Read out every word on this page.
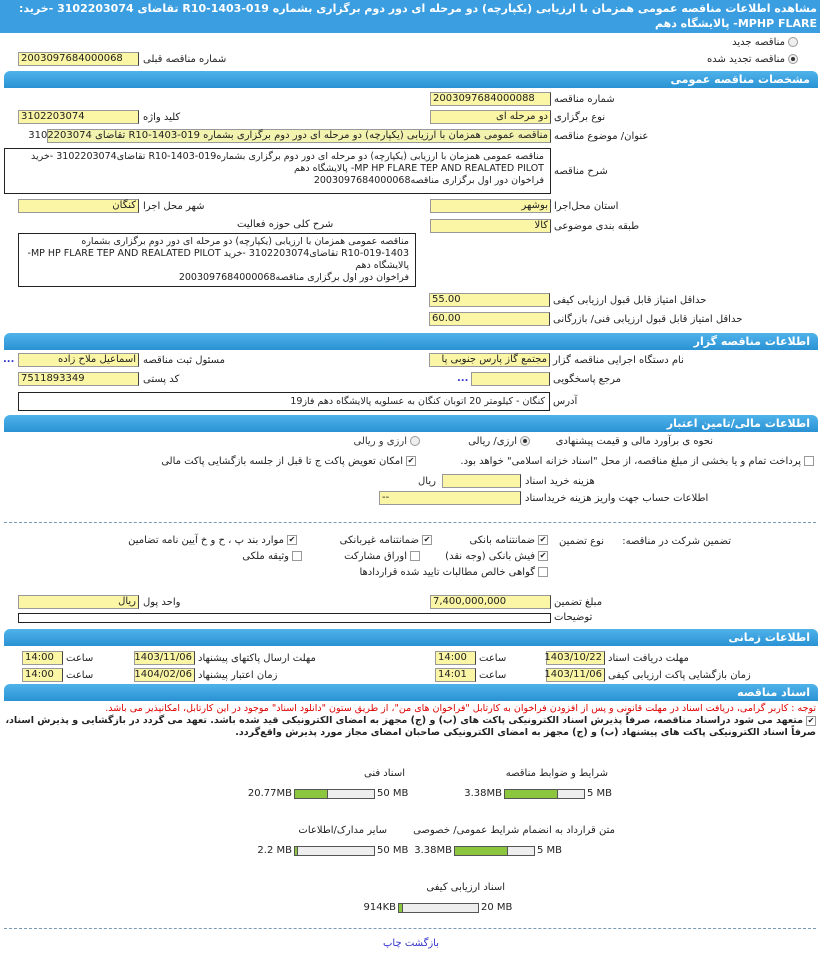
مشاهده اطلاعات مناقصه عمومی همزمان با ارزیابی (یکپارچه) دو مرحله ای دور دوم برگزاری بشماره 019-1403-R10 تقاضای 3102203074 -خرید: MPHP FLARE- پالایشگاه دهم
مناقصه جدید
مناقصه تجدید شده
2003097684000068	شماره مناقصه قبلی
مشخصات مناقصه عمومی
2003097684000088	شماره مناقصه
دو مرحله ای نوع برگزاری
3102203074	کلید واژه
مناقصه عمومی همزمان با ارزیابی (یکپارچه) دو مرحله ای دور دوم برگزاری بشماره 019-1403-R10 تقاضای 3102203074 عنوان/ موضوع مناقصه
مناقصه عمومی همزمان با ارزیابی (یکپارچه) دو مرحله ای دور دوم برگزاری بشماره019-1403-R10 تقاضای3102203074 -خرید
MP HP FLARE TEP AND REALATED PILOT- پالایشگاه دهم
فراخوان دور اول برگزاری مناقصه2003097684000068
شرح مناقصه
بوشهر استان محل‌اجرا
کنگان شهر محل اجرا
کالا طبقه بندی موضوعی
شرح کلی حوزه فعالیت
مناقصه عمومی همزمان با ارزیابی (یکپارچه) دو مرحله ای دور دوم برگزاری بشماره
019-1403-R10 تقاضای3102203074 -خرید MP HP FLARE TEP AND REALATED PILOT-
پالایشگاه دهم
فراخوان دور اول برگزاری مناقصه2003097684000068
55.00	حداقل امتیاز قابل قبول ارزیابی کیفی
60.00	حداقل امتیاز قابل قبول ارزیابی فنی/ بازرگانی
اطلاعات مناقصه گزار
مجتمع گاز پارس جنوبی پا نام دستگاه اجرایی مناقصه گزار
اسماعیل ملاح زاده
...	مسئول ثبت مناقصه
...	مرجع پاسخگویی
7511893349	کد پستی
کنگان - کیلومتر 20 اتوبان کنگان به عسلویه پالایشگاه دهم فاز19 آدرس
اطلاعات مالی/تامین اعتبار
نحوه ی برآورد مالی و قیمت پیشنهادی
ارزی/ ریالی
ارزی و ریالی
پرداخت تمام و یا بخشی از مبلغ مناقصه، از محل "اسناد خزانه اسلامی" خواهد بود.
✔امکان تعویض پاکت ج تا قبل از جلسه بازگشایی پاکت مالی
ریال	هزینه خرید اسناد
--	اطلاعات حساب جهت واریز هزینه خریداسناد
تضمین شرکت در مناقصه:
نوع تضمین
✔ضمانتنامه بانکی
✔ضمانتنامه غیربانکی
✔موارد بند پ ، ح و خ آیین نامه تضامین
✔فیش بانکی (وجه نقد)
اوراق مشارکت
وثیقه ملکی
گواهی خالص مطالبات تایید شده قراردادها
7,400,000,000	مبلغ تضمین
ریال واحد پول
توضیحات
اطلاعات زمانی
1403/10/22 مهلت دریافت اسناد
14:00	ساعت
1403/11/06 مهلت ارسال پاکتهای پیشنهاد
14:00	ساعت
1403/11/06 زمان بازگشایی پاکت ارزیابی کیفی
14:01	ساعت
1404/02/06 زمان اعتبار پیشنهاد
14:00	ساعت
اسناد مناقصه
توجه : کاربر گرامی، دریافت اسناد در مهلت قانونی و پس از افزودن فراخوان به کارتابل "فراخوان های من"، از طریق ستون "دانلود اسناد" موجود در این کارتابل، امکانپذیر می باشد.
✔متعهد می شود دراسناد مناقصه، صرفاً پذیرش اسناد الکترونیکی پاکت های (ب) و (ج) مجهز به امضای الکترونیکی قید شده باشد. تعهد می گردد در بازگشایی و پذیرش اسناد،
صرفاً اسناد الکترونیکی پاکت های پیشنهاد (ب) و (ج) مجهز به امضای الکترونیکی صاحبان امضای مجاز مورد پذیرش واقع‌گردد.
شرایط و ضوابط مناقصه
5 MB
3.38MB
اسناد فنی
50 MB
20.77MB
متن قرارداد به انضمام شرایط عمومی/ خصوصی
5 MB
3.38MB
سایر مدارک/اطلاعات
50 MB
2.2 MB
اسناد ارزیابی کیفی
20 MB
914KB
بازگشت چاپ
